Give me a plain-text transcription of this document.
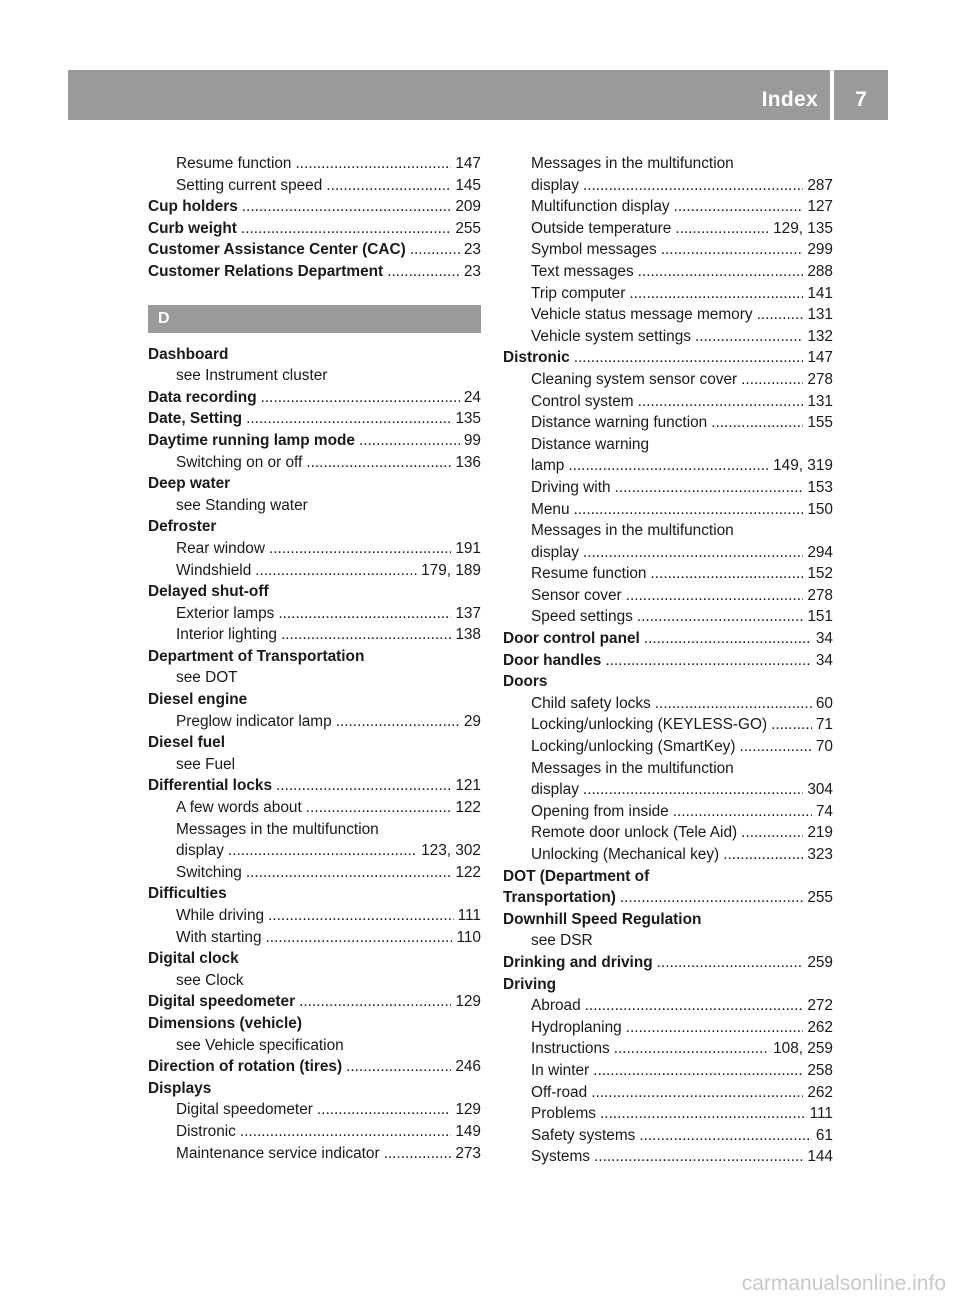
Index	7
Resume function .....	147
Setting current speed .....	145
Cup holders .....	209
Curb weight .....	255
Customer Assistance Center (CAC) .....	23
Customer Relations Department .....	23
D
Dashboard
see Instrument cluster
Data recording .....	24
Date, Setting .....	135
Daytime running lamp mode .....	99
Switching on or off .....	136
Deep water
see Standing water
Defroster
Rear window .....	191
Windshield .....	179, 189
Delayed shut-off
Exterior lamps .....	137
Interior lighting .....	138
Department of Transportation
see DOT
Diesel engine
Preglow indicator lamp .....	29
Diesel fuel
see Fuel
Differential locks .....	121
A few words about .....	122
Messages in the multifunction
display .....	123, 302
Switching .....	122
Difficulties
While driving .....	111
With starting .....	110
Digital clock
see Clock
Digital speedometer .....	129
Dimensions (vehicle)
see Vehicle specification
Direction of rotation (tires) .....	246
Displays
Digital speedometer .....	129
Distronic .....	149
Maintenance service indicator .....	273
Messages in the multifunction
display .....	287
Multifunction display .....	127
Outside temperature .....	129, 135
Symbol messages .....	299
Text messages .....	288
Trip computer .....	141
Vehicle status message memory .....	131
Vehicle system settings .....	132
Distronic .....	147
Cleaning system sensor cover .....	278
Control system .....	131
Distance warning function .....	155
Distance warning
lamp .....	149, 319
Driving with .....	153
Menu .....	150
Messages in the multifunction
display .....	294
Resume function .....	152
Sensor cover .....	278
Speed settings .....	151
Door control panel .....	34
Door handles .....	34
Doors
Child safety locks .....	60
Locking/unlocking (KEYLESS-GO) .....	71
Locking/unlocking (SmartKey) .....	70
Messages in the multifunction
display .....	304
Opening from inside .....	74
Remote door unlock (Tele Aid) .....	219
Unlocking (Mechanical key) .....	323
DOT (Department of
Transportation) .....	255
Downhill Speed Regulation
see DSR
Drinking and driving .....	259
Driving
Abroad .....	272
Hydroplaning .....	262
Instructions .....	108, 259
In winter .....	258
Off-road .....	262
Problems .....	111
Safety systems .....	61
Systems .....	144
carmanualsonline.info
